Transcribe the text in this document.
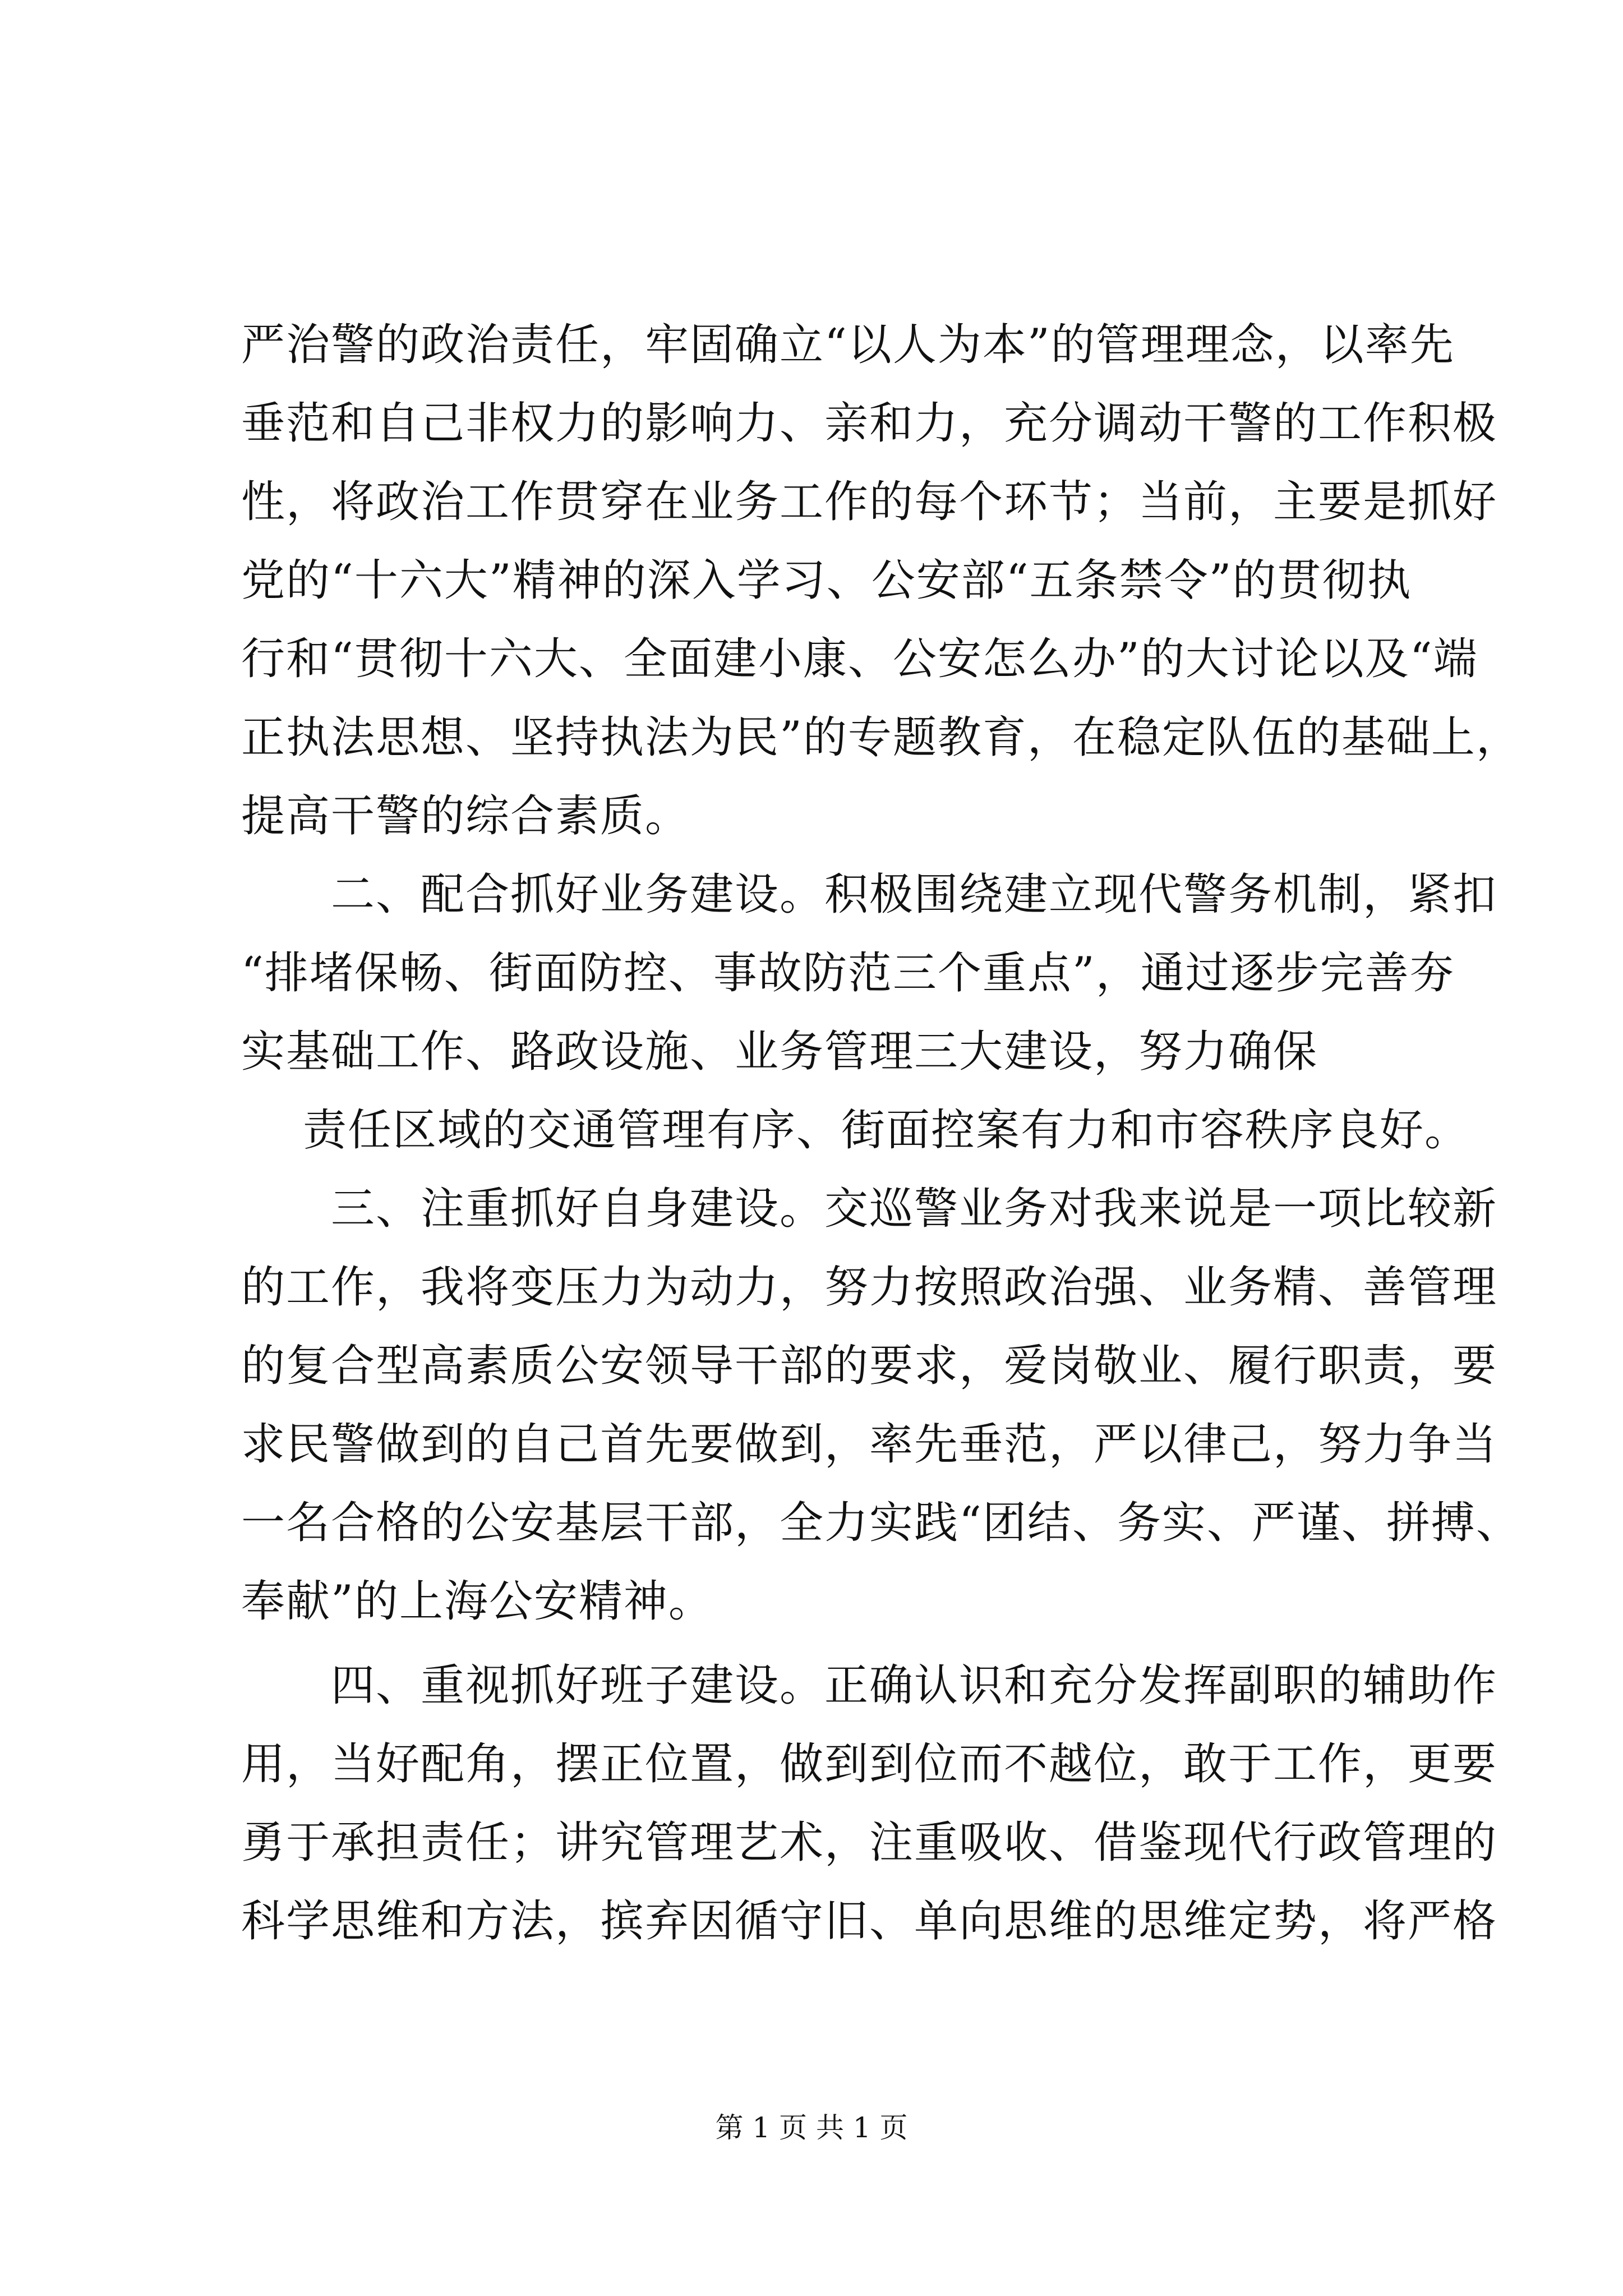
严治警的政治责任，牢固确立“以人为本”的管理理念，以率先
垂范和自己非权力的影响力、亲和力，充分调动干警的工作积极
性，将政治工作贯穿在业务工作的每个环节；当前，主要是抓好
党的“十六大”精神的深入学习、公安部“五条禁令”的贯彻执
行和“贯彻十六大、全面建小康、公安怎么办”的大讨论以及“端
正执法思想、坚持执法为民”的专题教育，在稳定队伍的基础上，
提高干警的综合素质。
二、配合抓好业务建设。积极围绕建立现代警务机制，紧扣
“排堵保畅、街面防控、事故防范三个重点”，通过逐步完善夯
实基础工作、路政设施、业务管理三大建设，努力确保
责任区域的交通管理有序、街面控案有力和市容秩序良好。
三、注重抓好自身建设。交巡警业务对我来说是一项比较新
的工作，我将变压力为动力，努力按照政治强、业务精、善管理
的复合型高素质公安领导干部的要求，爱岗敬业、履行职责，要
求民警做到的自己首先要做到，率先垂范，严以律己，努力争当
一名合格的公安基层干部，全力实践“团结、务实、严谨、拼搏、
奉献”的上海公安精神。
四、重视抓好班子建设。正确认识和充分发挥副职的辅助作
用，当好配角，摆正位置，做到到位而不越位，敢于工作，更要
勇于承担责任；讲究管理艺术，注重吸收、借鉴现代行政管理的
科学思维和方法，摈弃因循守旧、单向思维的思维定势，将严格
第 1 页 共 1 页
